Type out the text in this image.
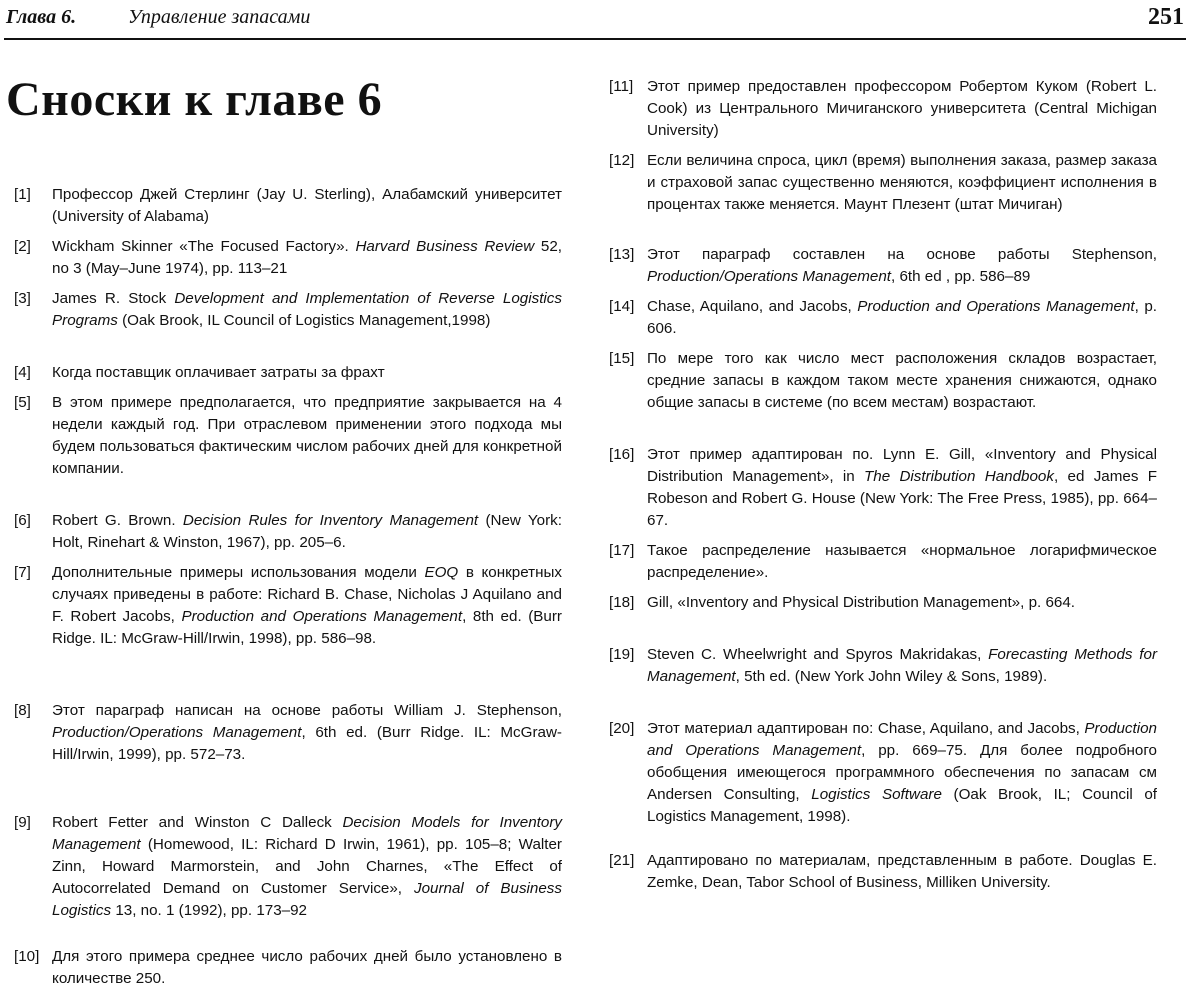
Глава 6.	Управление запасами	251
Сноски к главе 6
[1]	Профессор Джей Стерлинг (Jay U. Sterling), Алабамский университет (University of Alabama)
[2]	Wickham Skinner «The Focused Factory». Harvard Business Review 52, no 3 (May–June 1974), pp. 113–21
[3]	James R. Stock Development and Implementation of Reverse Logistics Programs (Oak Brook, IL Council of Logistics Management,1998)
[4]	Когда поставщик оплачивает затраты за фрахт
[5]	В этом примере предполагается, что предприятие закрывается на 4 недели каждый год. При отраслевом применении этого подхода мы будем пользоваться фактическим числом рабочих дней для конкретной компании.
[6]	Robert G. Brown. Decision Rules for Inventory Management (New York: Holt, Rinehart & Winston, 1967), pp. 205–6.
[7]	Дополнительные примеры использования модели EOQ в конкретных случаях приведены в работе: Richard B. Chase, Nicholas J Aquilano and F. Robert Jacobs, Production and Operations Management, 8th ed. (Burr Ridge. IL: McGraw-Hill/Irwin, 1998), pp. 586–98.
[8]	Этот параграф написан на основе работы William J. Stephenson, Production/Operations Management, 6th ed. (Burr Ridge. IL: McGraw-Hill/Irwin, 1999), pp. 572–73.
[9]	Robert Fetter and Winston C Dalleck Decision Models for Inventory Management (Homewood, IL: Richard D Irwin, 1961), pp. 105–8; Walter Zinn, Howard Marmorstein, and John Charnes, «The Effect of Autocorrelated Demand on Customer Service», Journal of Business Logistics 13, no. 1 (1992), pp. 173–92
[10] Для этого примера среднее число рабочих дней было установлено в количестве 250.
[11] Этот пример предоставлен профессором Робертом Куком (Robert L. Cook) из Центрального Мичиганского университета (Central Michigan University)
[12] Если величина спроса, цикл (время) выполнения заказа, размер заказа и страховой запас существенно меняются, коэффициент исполнения в процентах также меняется. Маунт Плезент (штат Мичиган)
[13] Этот параграф составлен на основе работы Stephenson, Production/Operations Management, 6th ed , pp. 586–89
[14] Chase, Aquilano, and Jacobs, Production and Operations Management, p. 606.
[15] По мере того как число мест расположения складов возрастает, средние запасы в каждом таком месте хранения снижаются, однако общие запасы в системе (по всем местам) возрастают.
[16] Этот пример адаптирован по. Lynn E. Gill, «Inventory and Physical Distribution Management», in The Distribution Handbook, ed James F Robeson and Robert G. House (New York: The Free Press, 1985), pp. 664–67.
[17] Такое распределение называется «нормальное логарифмическое распределение».
[18] Gill, «Inventory and Physical Distribution Management», p. 664.
[19] Steven C. Wheelwright and Spyros Makridakas, Forecasting Methods for Management, 5th ed. (New York John Wiley & Sons, 1989).
[20] Этот материал адаптирован по: Chase, Aquilano, and Jacobs, Production and Operations Management, pp. 669–75. Для более подробного обобщения имеющегося программного обеспечения по запасам см Andersen Consulting, Logistics Software (Oak Brook, IL; Council of Logistics Management, 1998).
[21] Адаптировано по материалам, представленным в работе. Douglas E. Zemke, Dean, Tabor School of Business, Milliken University.
